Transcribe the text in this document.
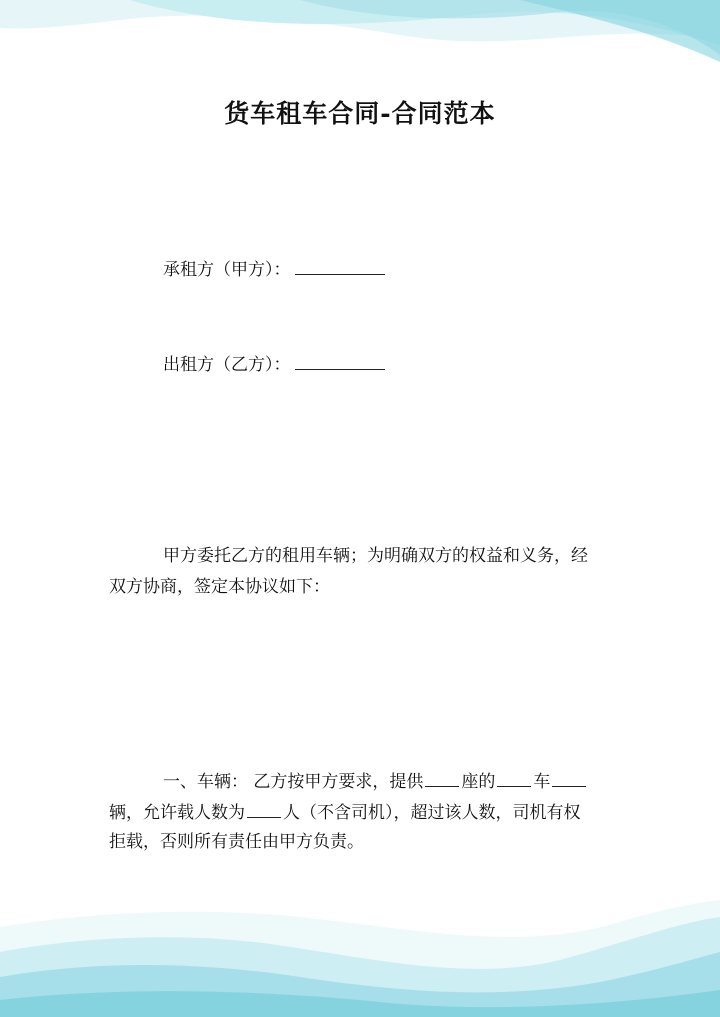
货车租车合同-合同范本
承租方（甲方）：
出租方（乙方）：
甲方委托乙方的租用车辆；为明确双方的权益和义务，经
双方协商，签定本协议如下：
一、车辆： 乙方按甲方要求，提供 座的 车
辆，允许载人数为 人（不含司机），超过该人数，司机有权
拒载，否则所有责任由甲方负责。
